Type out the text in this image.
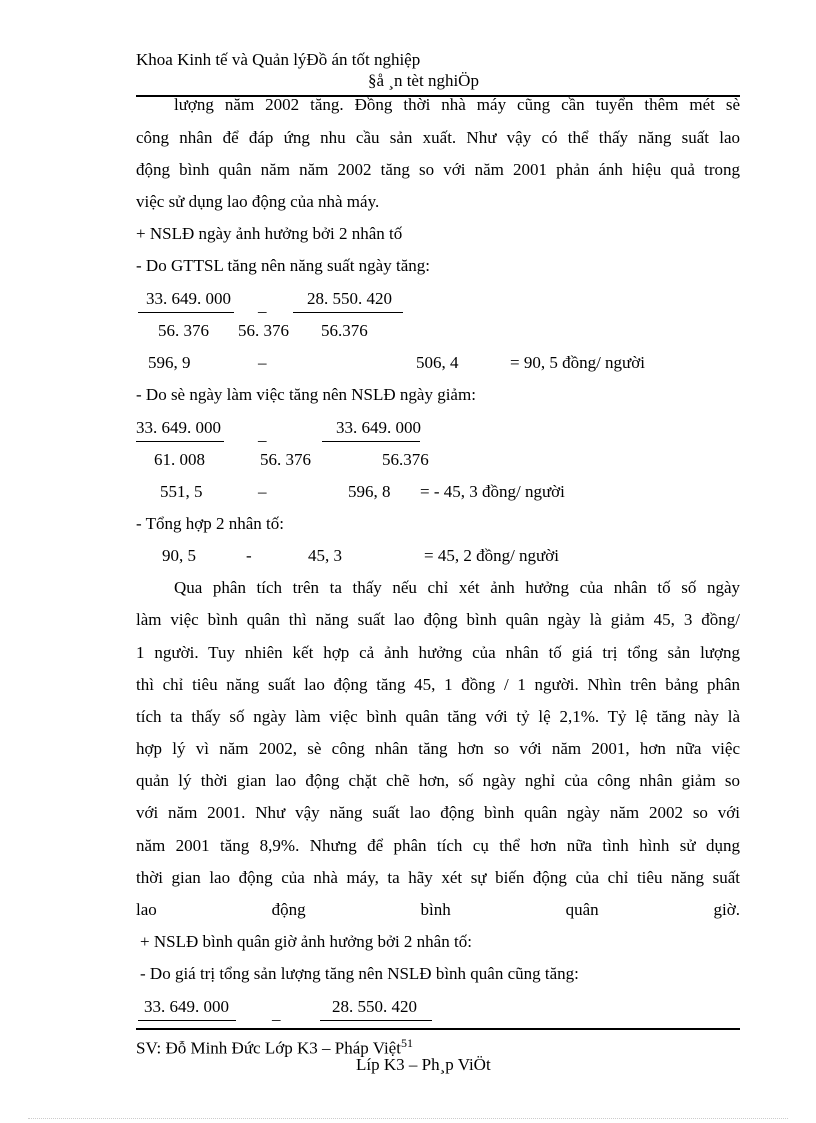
Khoa Kinh tế và Quản lýĐồ án tốt nghiệp
§å ¸n tèt nghiÖp
lượng năm 2002 tăng. Đồng thời nhà máy cũng cần tuyển thêm mét sè
công nhân để đáp ứng nhu cầu sản xuất. Như vậy có thể thấy năng suất lao
động bình quân năm năm 2002 tăng so với năm 2001 phản ánh hiệu quả trong
việc sử dụng lao động của nhà máy.
+ NSLĐ ngày ảnh hưởng bởi 2 nhân tố
- Do GTTSL tăng nên năng suất ngày tăng:
33. 649. 000 _ 28. 550. 420
56. 376 56. 376 56.376
596, 9	–	506, 4	= 90, 5 đồng/ người
- Do sè ngày làm việc tăng nên NSLĐ ngày giảm:
33. 649. 000 _	33. 649. 000
61. 008	56. 376	56.376
551, 5	–	596, 8 = - 45, 3 đồng/ người
- Tổng hợp 2 nhân tố:
90, 5	-	45, 3	= 45, 2 đồng/ người
Qua phân tích trên ta thấy nếu chỉ xét ảnh hưởng của nhân tố số ngày
làm việc bình quân thì năng suất lao động bình quân ngày là giảm 45, 3 đồng/
1 người. Tuy nhiên kết hợp cả ảnh hưởng của nhân tố giá trị tổng sản lượng
thì chỉ tiêu năng suất lao động tăng 45, 1 đồng / 1 người. Nhìn trên bảng phân
tích ta thấy số ngày làm việc bình quân tăng với tỷ lệ 2,1%. Tỷ lệ tăng này là
hợp lý vì năm 2002, sè công nhân tăng hơn so với năm 2001, hơn nữa việc
quản lý thời gian lao động chặt chẽ hơn, số ngày nghỉ của công nhân giảm so
với năm 2001. Như vậy năng suất lao động bình quân ngày năm 2002 so với
năm 2001 tăng 8,9%. Nhưng để phân tích cụ thể hơn nữa tình hình sử dụng
thời gian lao động của nhà máy, ta hãy xét sự biến động của chỉ tiêu năng suất
lao động bình quân giờ.
+ NSLĐ bình quân giờ ảnh hưởng bởi 2 nhân tố:
- Do giá trị tổng sản lượng tăng nên NSLĐ bình quân cũng tăng:
33. 649. 000	_	28. 550. 420
SV: Đỗ Minh Đức Lớp K3 – Pháp Việt$^{51}$
Líp K3 – Ph¸p ViÖt
